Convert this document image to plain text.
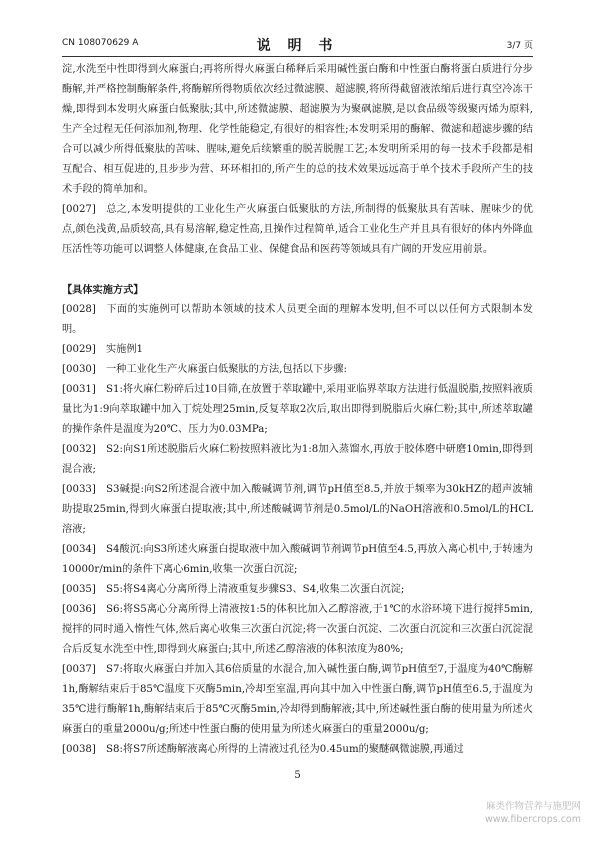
CN 108070629 A	说 明 书	3/7 页

淀,水洗至中性即得到火麻蛋白;再将所得火麻蛋白稀释后采用碱性蛋白酶和中性蛋白酶将蛋白质进行分步酶解,并严格控制酶解条件,将酶解所得物质依次经过微滤膜、超滤膜,将所得截留液浓缩后进行真空冷冻干燥,即得到本发明火麻蛋白低聚肽;其中,所述微滤膜、超滤膜为为聚砜滤膜,是以食品级等级聚丙烯为原料,生产全过程无任何添加剂,物理、化学性能稳定,有很好的相容性;本发明采用的酶解、微滤和超滤步骤的结合可以减少所得低聚肽的苦味、腥味,避免后续繁重的脱苦脱腥工艺;本发明所采用的每一技术手段都是相互配合、相互促进的,且步步为营、环环相扣的,所产生的总的技术效果远远高于单个技术手段所产生的技术手段的简单加和。

[0027] 总之,本发明提供的工业化生产火麻蛋白低聚肽的方法,所制得的低聚肽具有苦味、腥味少的优点,颜色浅黄,品质较高,具有易溶解,稳定性高,且操作过程简单,适合工业化生产并且具有很好的体内外降血压活性等功能可以调整人体健康,在食品工业、保健食品和医药等领域具有广阔的开发应用前景。

【具体实施方式】

[0028] 下面的实施例可以帮助本领域的技术人员更全面的理解本发明,但不可以以任何方式限制本发明。

[0029] 实施例1

[0030] 一种工业化生产火麻蛋白低聚肽的方法,包括以下步骤:

[0031] S1:将火麻仁粉碎后过10目筛,在放置于萃取罐中,采用亚临界萃取方法进行低温脱脂,按照料液质量比为1:9向萃取罐中加入丁烷处理25min,反复萃取2次后,取出即得到脱脂后火麻仁粉;其中,所述萃取罐的操作条件是温度为20℃、压力为0.03MPa;

[0032] S2:向S1所述脱脂后火麻仁粉按照料液比为1:8加入蒸馏水,再放于胶体磨中研磨10min,即得到混合液;

[0033] S3碱提:向S2所述混合液中加入酸碱调节剂,调节pH值至8.5,并放于频率为30kHZ的超声波辅助提取25min,得到火麻蛋白提取液;其中,所述酸碱调节剂是0.5mol/L的NaOH溶液和0.5mol/L的HCL溶液;

[0034] S4酸沉:向S3所述火麻蛋白提取液中加入酸碱调节剂调节pH值至4.5,再放入离心机中,于转速为10000r/min的条件下离心6min,收集一次蛋白沉淀;

[0035] S5:将S4离心分离所得上清液重复步骤S3、S4,收集二次蛋白沉淀;

[0036] S6:将S5离心分离所得上清液按1:5的体积比加入乙醇溶液,于1℃的水浴环境下进行搅拌5min,搅拌的同时通入惰性气体,然后离心收集三次蛋白沉淀;将一次蛋白沉淀、二次蛋白沉淀和三次蛋白沉淀混合后反复水洗至中性,即得到火麻蛋白;其中,所述乙醇溶液的体积浓度为80%;

[0037] S7:将取火麻蛋白并加入其6倍质量的水混合,加入碱性蛋白酶,调节pH值至7,于温度为40℃酶解1h,酶解结束后于85℃温度下灭酶5min,冷却至室温,再向其中加入中性蛋白酶,调节pH值至6.5,于温度为35℃进行酶解1h,酶解结束后于85℃灭酶5min,冷却得到酶解液;其中,所述碱性蛋白酶的使用量为所述火麻蛋白的重量2000u/g;所述中性蛋白酶的使用量为所述火麻蛋白的重量2000u/g;

[0038] S8:将S7所述酶解液离心所得的上清液过孔径为0.45um的聚醚砜微滤膜,再通过

5
麻类作物营养与施肥网
www.fibercrops.com
